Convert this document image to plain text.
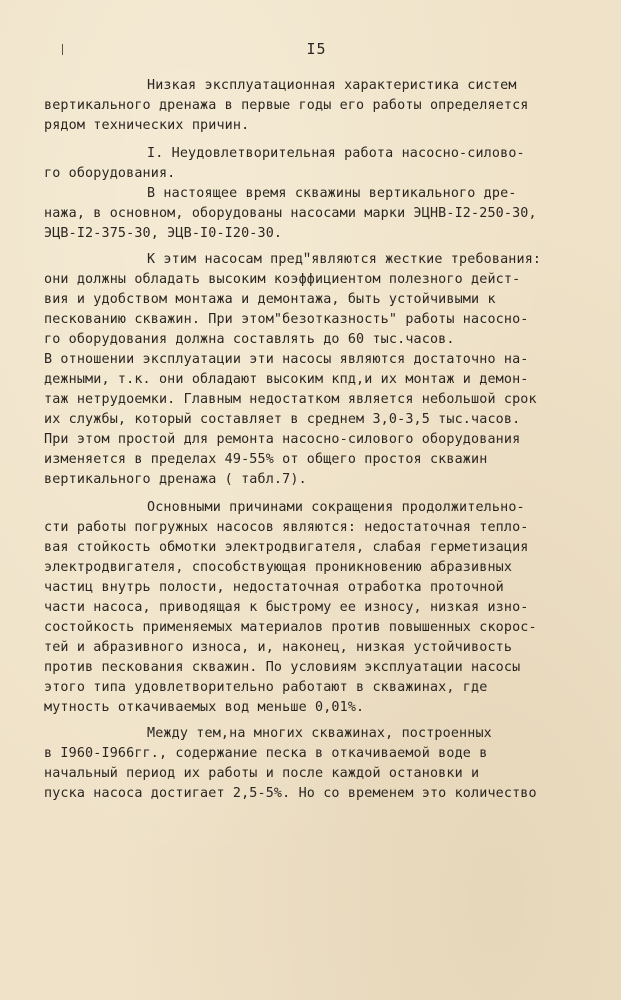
I5
Низкая эксплуатационная характеристика систем
вертикального дренажа в первые годы его работы определяется
рядом технических причин.
I. Неудовлетворительная работа насосно-силово-
го оборудования.
В настоящее время скважины вертикального дре-
нажа, в основном, оборудованы насосами марки ЭЦНВ-I2-250-30,
ЭЦВ-I2-375-30, ЭЦВ-I0-I20-30.
К этим насосам предʺявляются жесткие требования:
они должны обладать высоким коэффициентом полезного дейст-
вия и удобством монтажа и демонтажа, быть устойчивыми к
пескованию скважин. При этом"безотказность" работы насосно-
го оборудования должна составлять до 60 тыс.часов.
В отношении эксплуатации эти насосы являются достаточно на-
дежными, т.к. они обладают высоким кпд,и их монтаж и демон-
таж нетрудоемки. Главным недостатком является небольшой срок
их службы, который составляет в среднем 3,0-3,5 тыс.часов.
При этом простой для ремонта насосно-силового оборудования
изменяется в пределах 49-55% от общего простоя скважин
вертикального дренажа ( табл.7).
Основными причинами сокращения продолжительно-
сти работы погружных насосов являются: недостаточная тепло-
вая стойкость обмотки электродвигателя, слабая герметизация
электродвигателя, способствующая проникновению абразивных
частиц внутрь полости, недостаточная отработка проточной
части насоса, приводящая к быстрому ее износу, низкая изно-
состойкость применяемых материалов против повышенных скорос-
тей и абразивного износа, и, наконец, низкая устойчивость
против пескования скважин. По условиям эксплуатации насосы
этого типа удовлетворительно работают в скважинах, где
мутность откачиваемых вод меньше 0,01%.
Между тем,на многих скважинах, построенных
в I960-I966гг., содержание песка в откачиваемой воде в
начальный период их работы и после каждой остановки и
пуска насоса достигает 2,5-5%. Но со временем это количество
